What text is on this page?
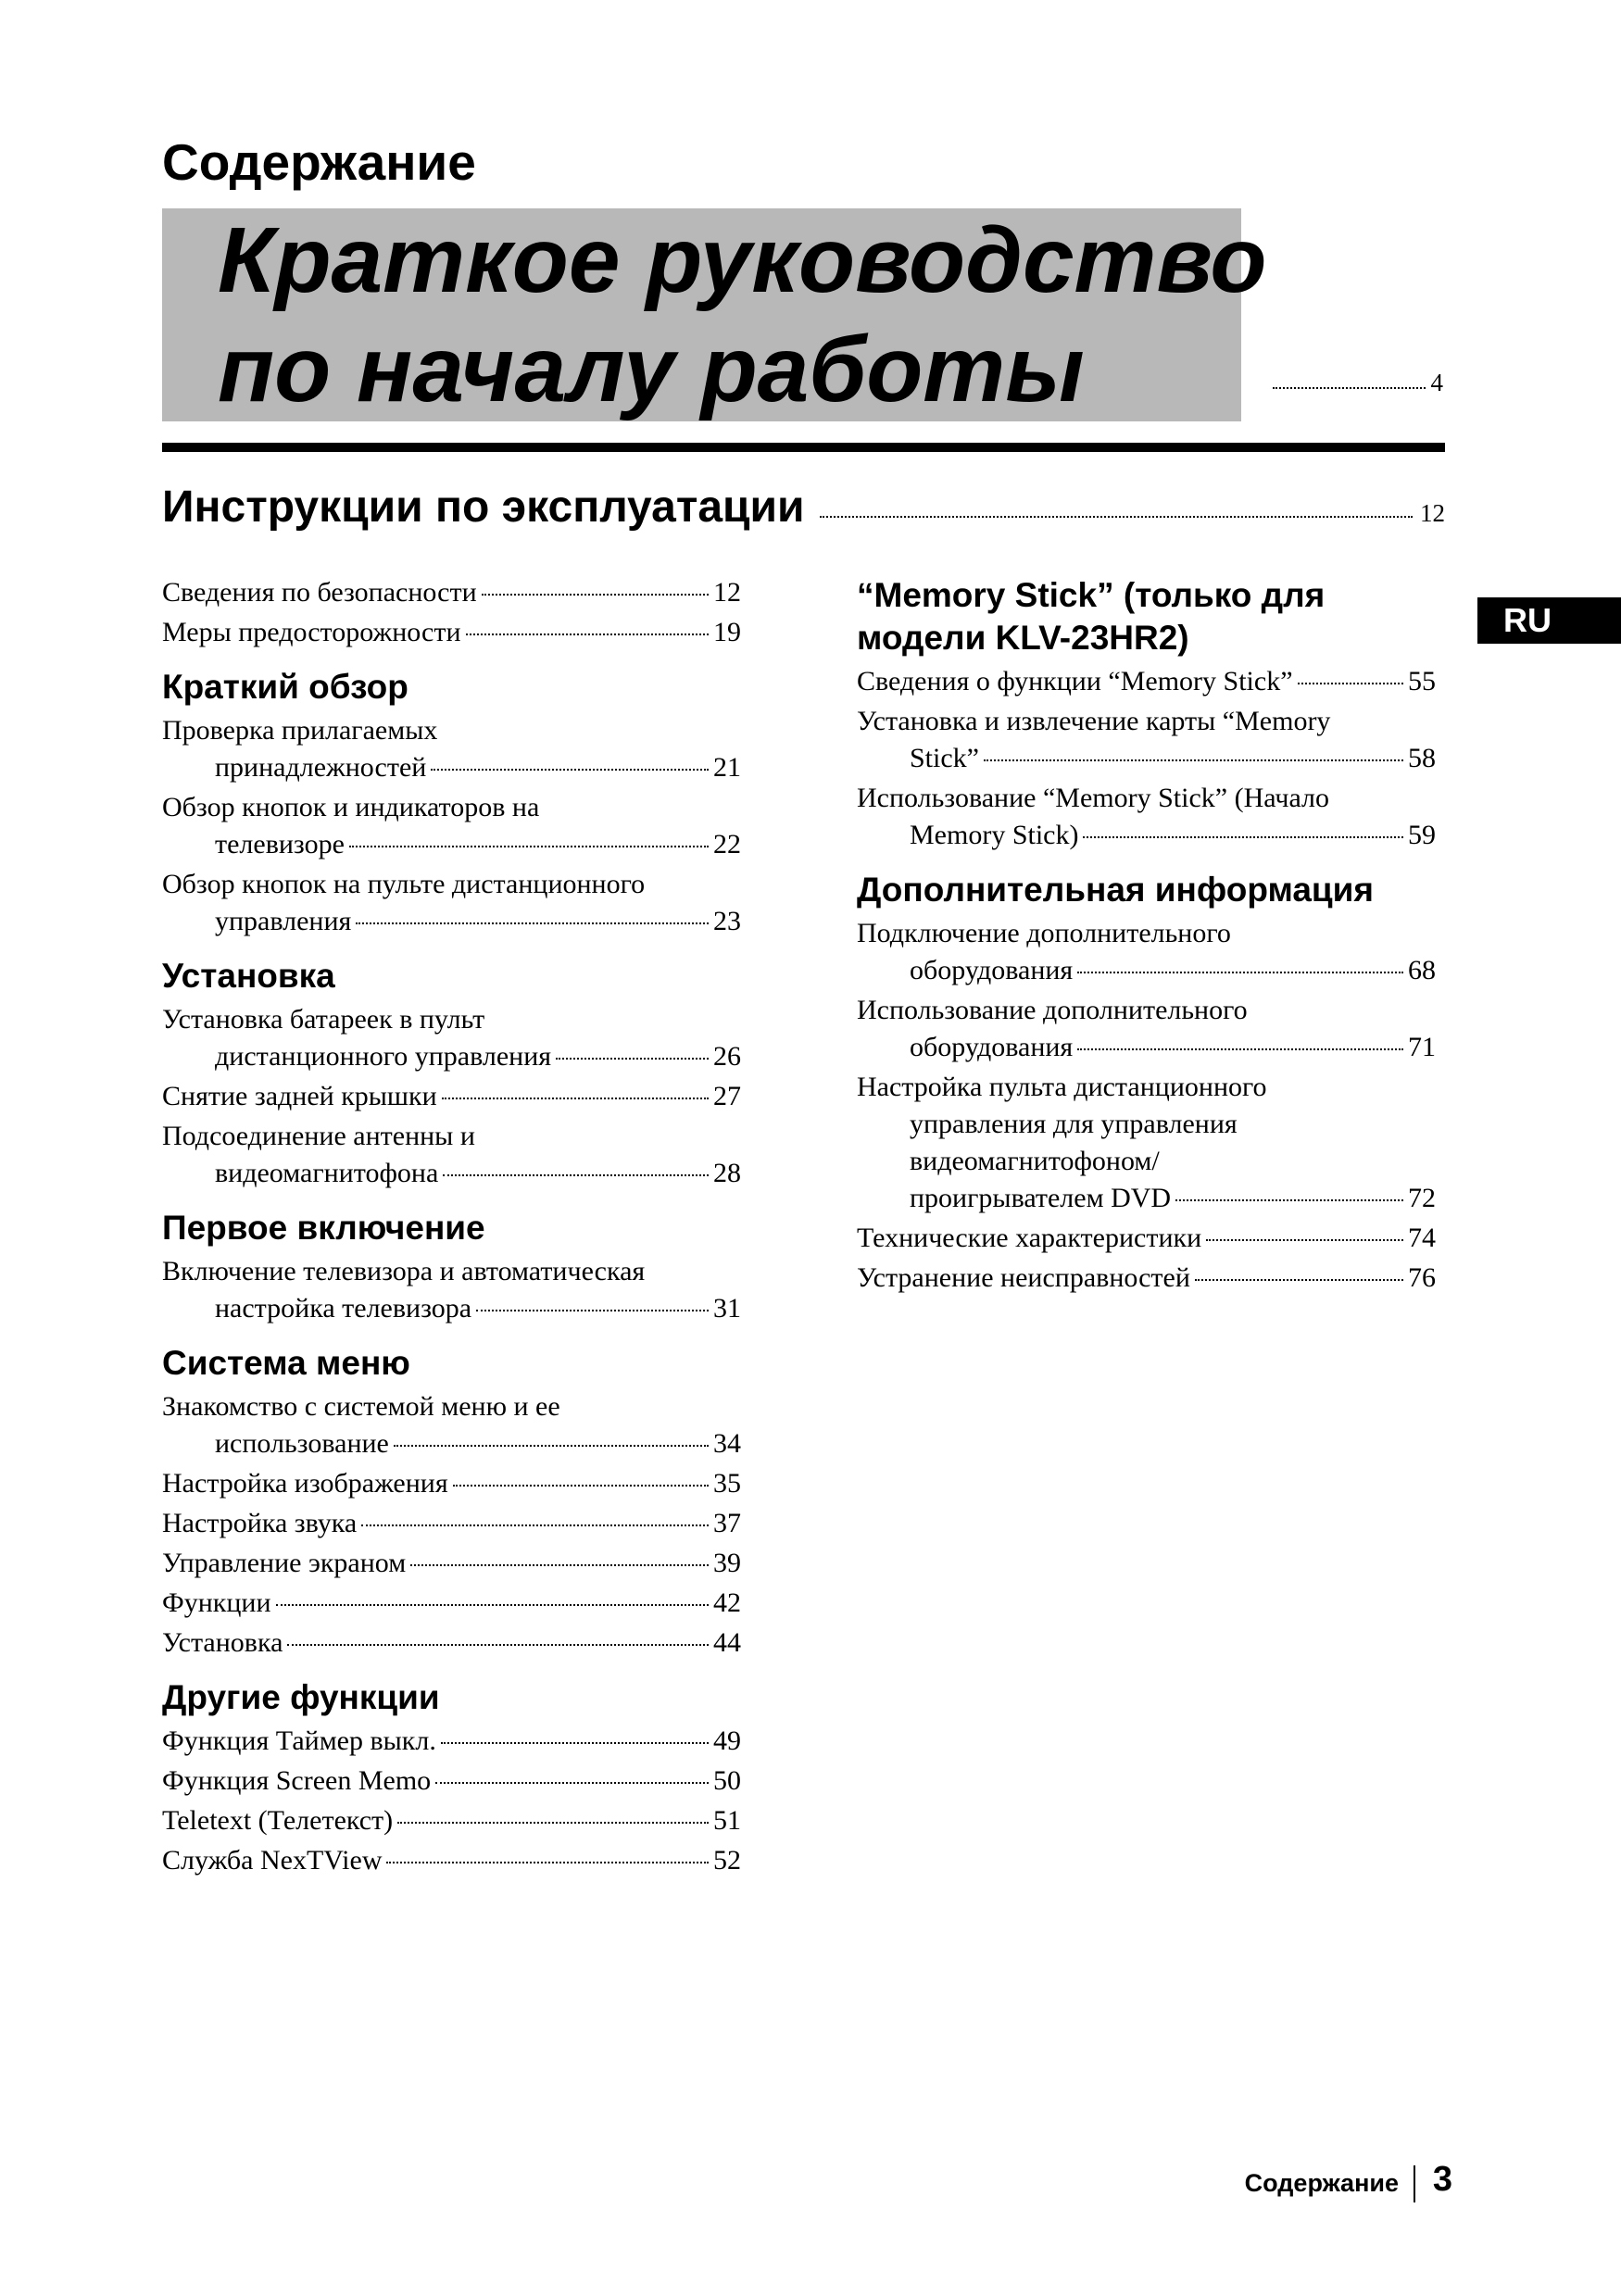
Содержание
Краткое руководство
по началу работы	4
Инструкции по эксплуатации	12
Сведения по безопасности	12
Меры предосторожности	19
Краткий обзор
Проверка прилагаемых
принадлежностей	21
Обзор кнопок и индикаторов на
телевизоре	22
Обзор кнопок на пульте дистанционного
управления	23
Установка
Установка батареек в пульт
дистанционного управления	26
Снятие задней крышки	27
Подсоединение антенны и
видеомагнитофона	28
Первое включение
Включение телевизора и автоматическая
настройка телевизора	31
Система меню
Знакомство с системой меню и ее
использование	34
Настройка изображения	35
Настройка звука	37
Управление экраном	39
Функции	42
Установка	44
Другие функции
Функция Таймер выкл.	49
Функция Screen Memo	50
Teletext (Телетекст)	51
Служба NexTView	52
“Memory Stick” (только для модели KLV-23HR2)
Сведения о функции “Memory Stick”	55
Установка и извлечение карты “Memory
Stick”	58
Использование “Memory Stick” (Начало
Memory Stick)	59
Дополнительная информация
Подключение дополнительного
оборудования	68
Использование дополнительного
оборудования	71
Настройка пульта дистанционного
управления для управления
видеомагнитофоном/
проигрывателем DVD	72
Технические характеристики	74
Устранение неисправностей	76
RU
Содержание 3
